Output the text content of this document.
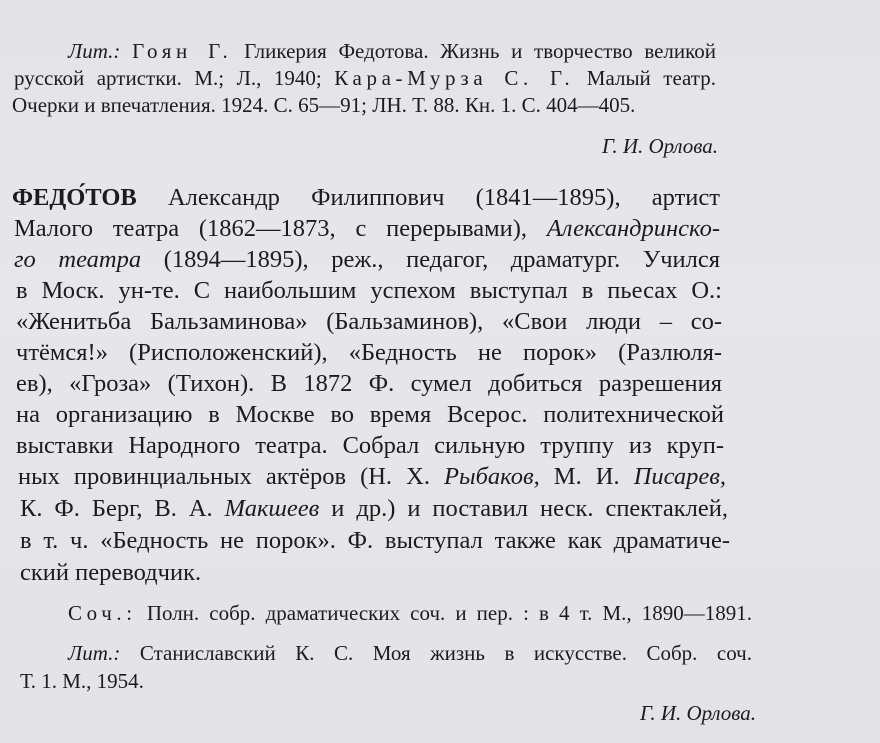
Лит.: Гоян Г. Гликерия Федотова. Жизнь и творчество великой
русской артистки. М.; Л., 1940; Кара-Мурза С. Г. Малый театр.
Очерки и впечатления. 1924. С. 65—91; ЛН. Т. 88. Кн. 1. С. 404—405.
Г. И. Орлова.
ФЕДО́ТОВ Александр Филиппович (1841—1895), артист
Малого театра (1862—1873, с перерывами), Александринско-
го театра (1894—1895), реж., педагог, драматург. Учился
в Моск. ун-те. С наибольшим успехом выступал в пьесах О.:
«Женитьба Бальзаминова» (Бальзаминов), «Свои люди – со-
чтёмся!» (Рисположенский), «Бедность не порок» (Разлюля-
ев), «Гроза» (Тихон). В 1872 Ф. сумел добиться разрешения
на организацию в Москве во время Всерос. политехнической
выставки Народного театра. Собрал сильную труппу из круп-
ных провинциальных актёров (Н. Х. Рыбаков, М. И. Писарев,
К. Ф. Берг, В. А. Макшеев и др.) и поставил неск. спектаклей,
в т. ч. «Бедность не порок». Ф. выступал также как драматиче-
ский переводчик.
Соч.: Полн. собр. драматических соч. и пер. : в 4 т. М., 1890—1891.
Лит.: Станиславский К. С. Моя жизнь в искусстве. Собр. соч.
Т. 1. М., 1954.
Г. И. Орлова.
